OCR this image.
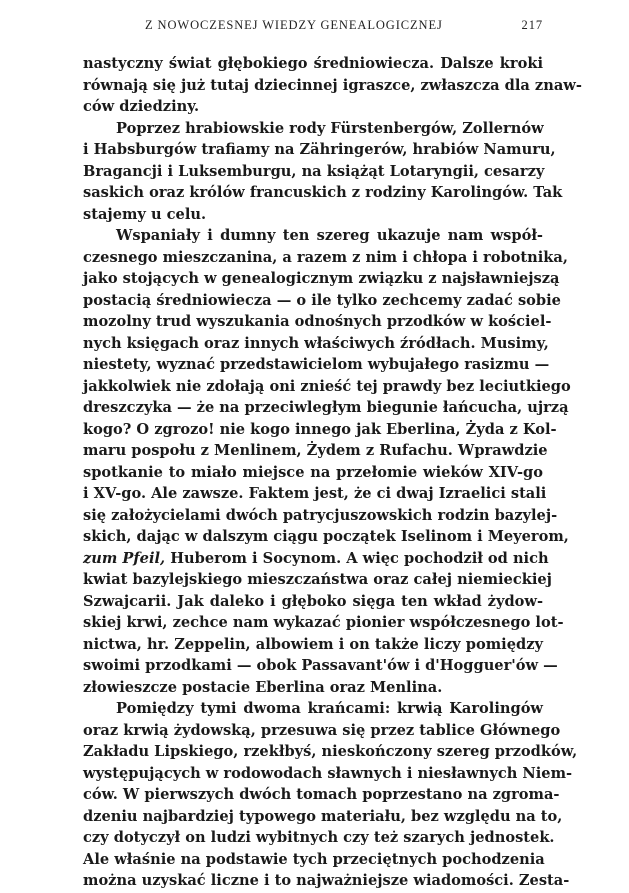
Z NOWOCZESNEJ WIEDZY GENEALOGICZNEJ	217
nastyczny świat głębokiego średniowiecza. Dalsze kroki
równają się już tutaj dziecinnej igraszce, zwłaszcza dla znaw-
ców dziedziny.
Poprzez hrabiowskie rody Fürstenbergów, Zollernów
i Habsburgów trafiamy na Zähringerów, hrabiów Namuru,
Bragancji i Luksemburgu, na książąt Lotaryngii, cesarzy
saskich oraz królów francuskich z rodziny Karolingów. Tak
stajemy u celu.
Wspaniały i dumny ten szereg ukazuje nam współ-
czesnego mieszczanina, a razem z nim i chłopa i robotnika,
jako stojących w genealogicznym związku z najsławniejszą
postacią średniowiecza — o ile tylko zechcemy zadać sobie
mozolny trud wyszukania odnośnych przodków w kościel-
nych księgach oraz innych właściwych źródłach. Musimy,
niestety, wyznać przedstawicielom wybujałego rasizmu —
jakkolwiek nie zdołają oni znieść tej prawdy bez leciutkiego
dreszczyka — że na przeciwległym biegunie łańcucha, ujrzą
kogo? O zgrozo! nie kogo innego jak Eberlina, Żyda z Kol-
maru pospołu z Menlinem, Żydem z Rufachu. Wprawdzie
spotkanie to miało miejsce na przełomie wieków XIV-go
i XV-go. Ale zawsze. Faktem jest, że ci dwaj Izraelici stali
się założycielami dwóch patrycjuszowskich rodzin bazylej-
skich, dając w dalszym ciągu początek Iselinom i Meyerom,
zum Pfeil, Huberom i Socynom. A więc pochodził od nich
kwiat bazylejskiego mieszczaństwa oraz całej niemieckiej
Szwajcarii. Jak daleko i głęboko sięga ten wkład żydow-
skiej krwi, zechce nam wykazać pionier współczesnego lot-
nictwa, hr. Zeppelin, albowiem i on także liczy pomiędzy
swoimi przodkami — obok Passavant'ów i d'Hogguer'ów —
złowieszcze postacie Eberlina oraz Menlina.
Pomiędzy tymi dwoma krańcami: krwią Karolingów
oraz krwią żydowską, przesuwa się przez tablice Głównego
Zakładu Lipskiego, rzekłbyś, nieskończony szereg przodków,
występujących w rodowodach sławnych i niesławnych Niem-
ców. W pierwszych dwóch tomach poprzestano na zgroma-
dzeniu najbardziej typowego materiału, bez względu na to,
czy dotyczył on ludzi wybitnych czy też szarych jednostek.
Ale właśnie na podstawie tych przeciętnych pochodzenia
można uzyskać liczne i to najważniejsze wiadomości. Zesta-
